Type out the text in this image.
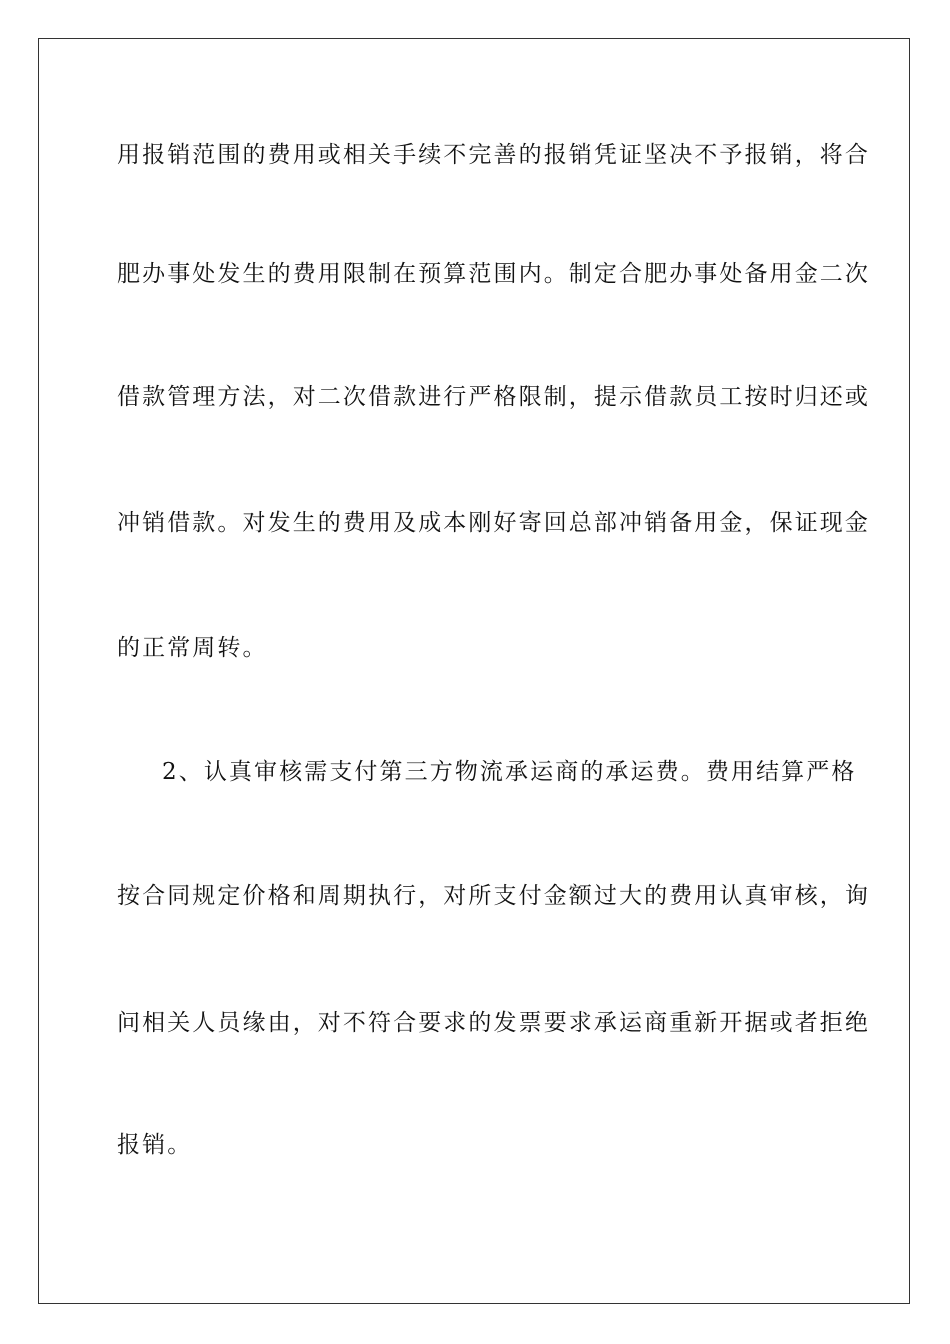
用报销范围的费用或相关手续不完善的报销凭证坚决不予报销，将合
肥办事处发生的费用限制在预算范围内。制定合肥办事处备用金二次
借款管理方法，对二次借款进行严格限制，提示借款员工按时归还或
冲销借款。对发生的费用及成本刚好寄回总部冲销备用金，保证现金
的正常周转。
2、认真审核需支付第三方物流承运商的承运费。费用结算严格
按合同规定价格和周期执行，对所支付金额过大的费用认真审核，询
问相关人员缘由，对不符合要求的发票要求承运商重新开据或者拒绝
报销。
